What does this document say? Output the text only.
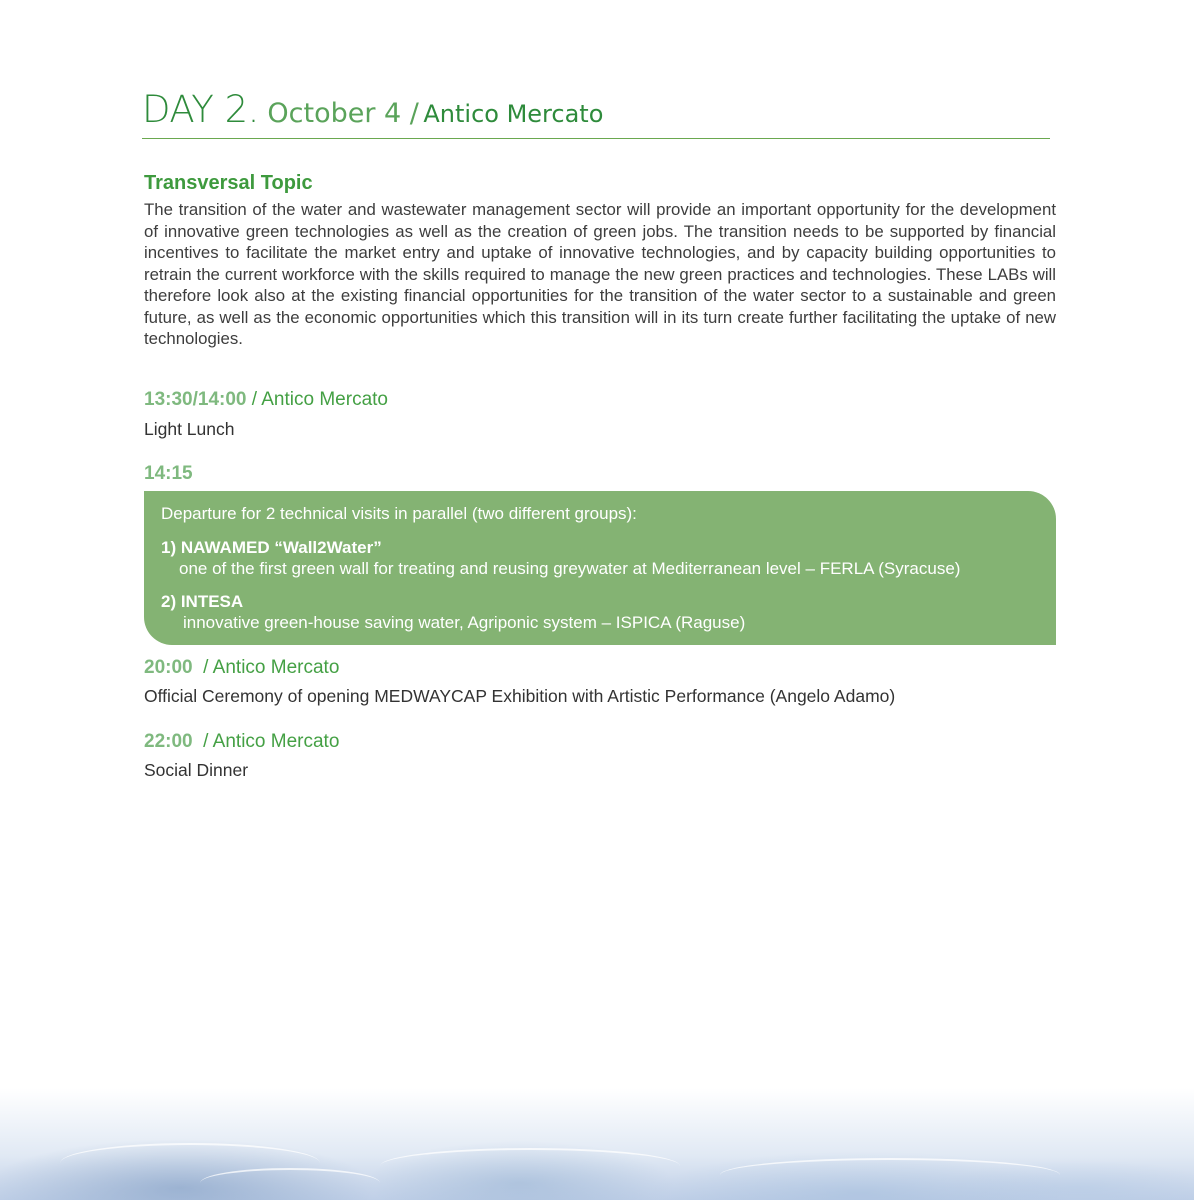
DAY 2. October 4 / Antico Mercato
Transversal Topic
The transition of the water and wastewater management sector will provide an important opportunity for the development of innovative green technologies as well as the creation of green jobs. The transition needs to be supported by financial incentives to facilitate the market entry and uptake of innovative technologies, and by capacity building opportunities to retrain the current workforce with the skills required to manage the new green practices and technologies. These LABs will therefore look also at the existing financial opportunities for the transition of the water sector to a sustainable and green future, as well as the economic opportunities which this transition will in its turn create further facilitating the uptake of new technologies.
13:30/14:00 / Antico Mercato
Light Lunch
14:15
Departure for 2 technical visits in parallel (two different groups):
1) NAWAMED “Wall2Water”
one of the first green wall for treating and reusing greywater at Mediterranean level – FERLA (Syracuse)
2) INTESA
innovative green-house saving water, Agriponic system – ISPICA (Raguse)
20:00  / Antico Mercato
Official Ceremony of opening MEDWAYCAP Exhibition with Artistic Performance (Angelo Adamo)
22:00  / Antico Mercato
Social Dinner
